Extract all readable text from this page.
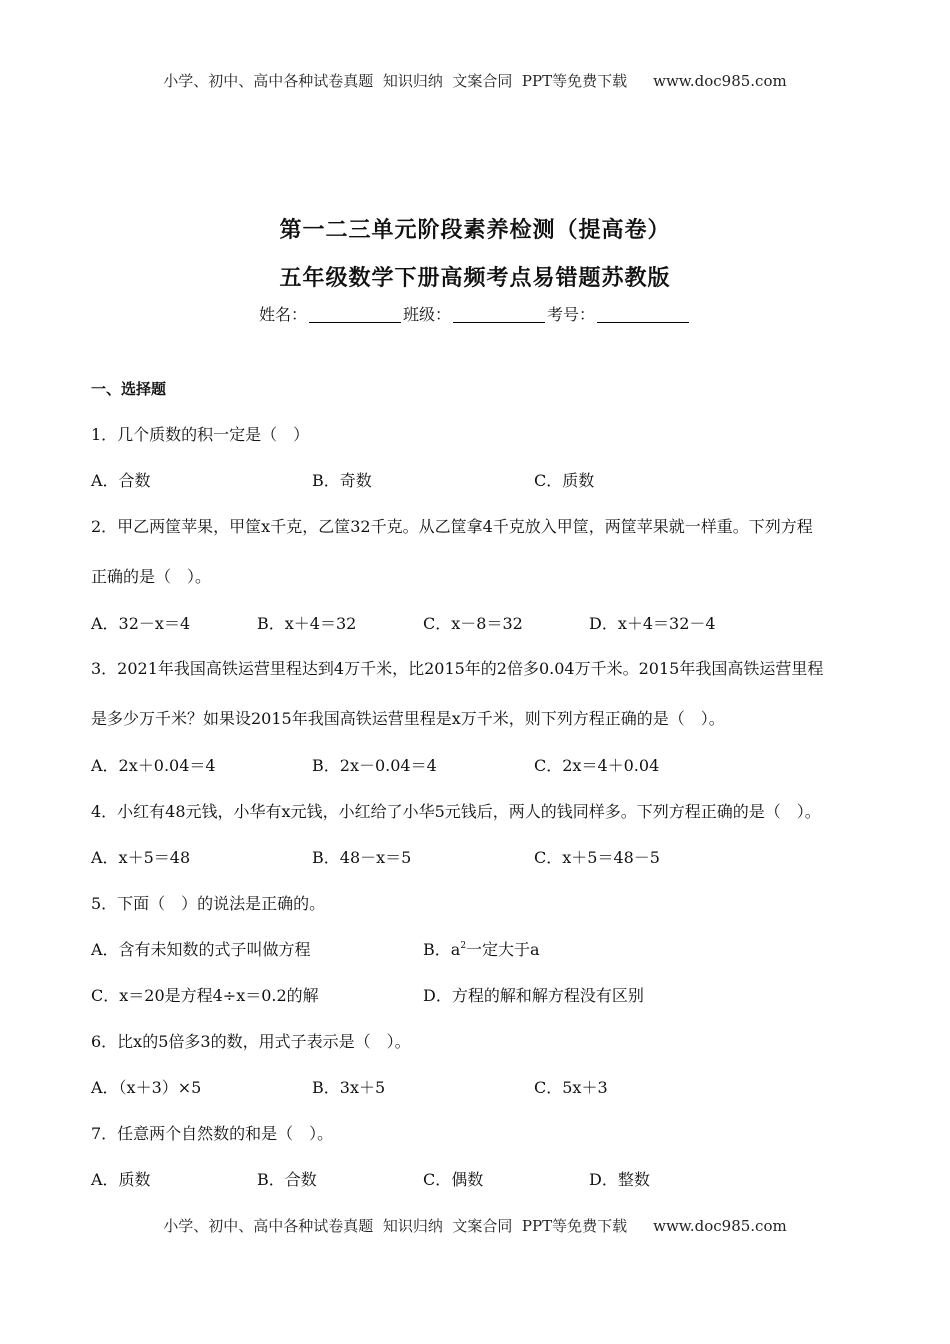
小学、初中、高中各种试卷真题  知识归纳  文案合同  PPT等免费下载 www.doc985.com
第一二三单元阶段素养检测（提高卷）
五年级数学下册高频考点易错题苏教版
姓名：	班级：	考号：
一、选择题
1．几个质数的积一定是（　）
A．合数	B．奇数	C．质数
2．甲乙两筐苹果，甲筐x千克，乙筐32千克。从乙筐拿4千克放入甲筐，两筐苹果就一样重。下列方程
正确的是（　）。
A．32－x＝4	B．x＋4＝32	C．x－8＝32	D．x＋4＝32－4
3．2021年我国高铁运营里程达到4万千米，比2015年的2倍多0.04万千米。2015年我国高铁运营里程
是多少万千米？如果设2015年我国高铁运营里程是x万千米，则下列方程正确的是（　）。
A．2x＋0.04＝4	B．2x－0.04＝4	C．2x＝4＋0.04
4．小红有48元钱，小华有x元钱，小红给了小华5元钱后，两人的钱同样多。下列方程正确的是（　）。
A．x＋5＝48	B．48－x＝5	C．x＋5＝48－5
5．下面（　）的说法是正确的。
A．含有未知数的式子叫做方程	B．$a^2$一定大于a
C．x＝20是方程4÷x＝0.2的解	D．方程的解和解方程没有区别
6．比x的5倍多3的数，用式子表示是（　）。
A．（x＋3）×5	B．3x＋5	C．5x＋3
7．任意两个自然数的和是（　）。
A．质数	B．合数	C．偶数	D．整数
小学、初中、高中各种试卷真题  知识归纳  文案合同  PPT等免费下载 www.doc985.com
